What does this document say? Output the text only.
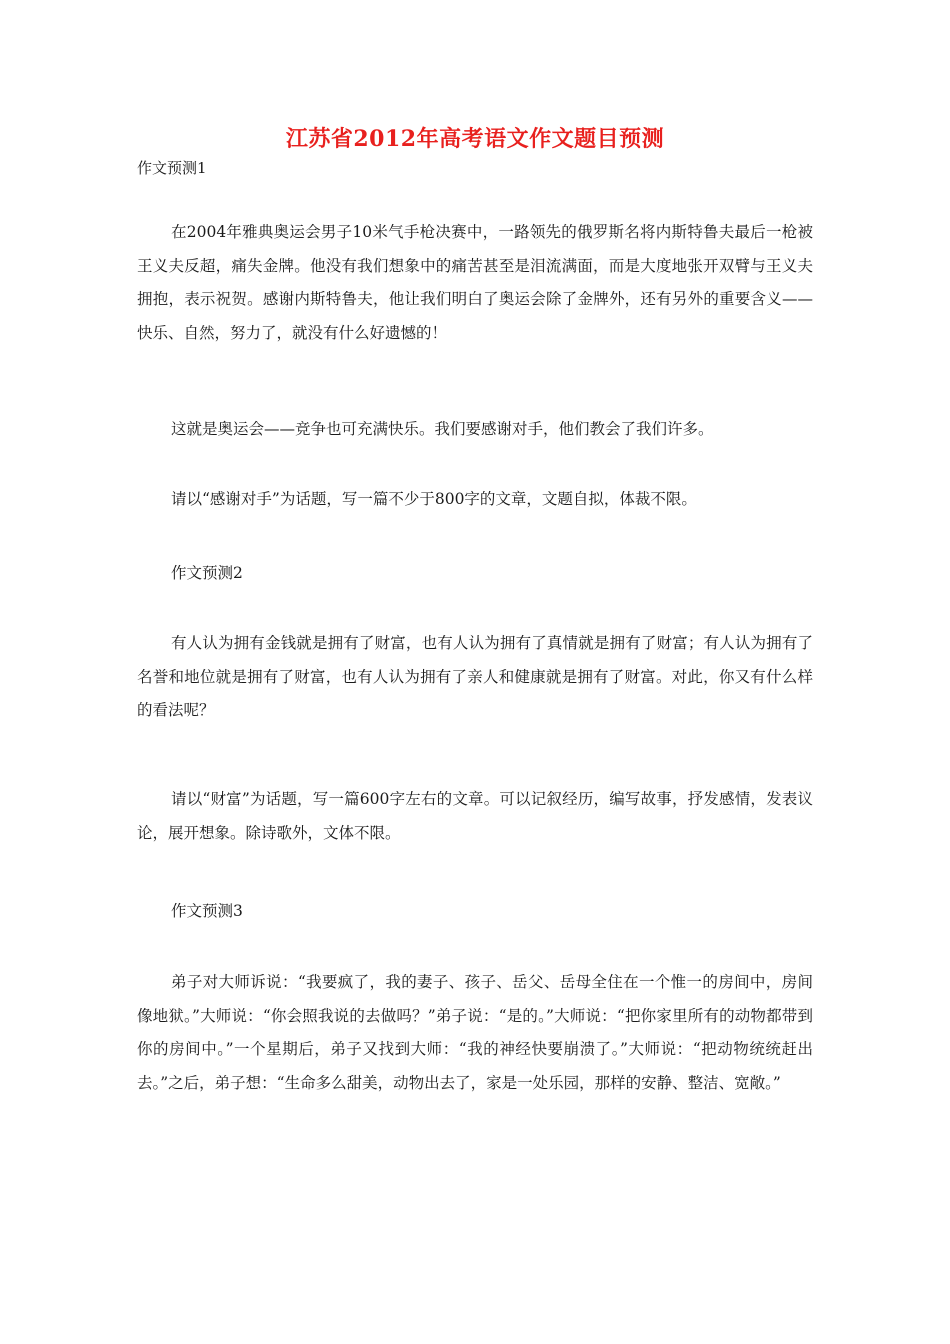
江苏省2012年高考语文作文题目预测
作文预测1
在2004年雅典奥运会男子10米气手枪决赛中，一路领先的俄罗斯名将内斯特鲁夫最后一枪被王义夫反超，痛失金牌。他没有我们想象中的痛苦甚至是泪流满面，而是大度地张开双臂与王义夫拥抱，表示祝贺。感谢内斯特鲁夫，他让我们明白了奥运会除了金牌外，还有另外的重要含义——快乐、自然，努力了，就没有什么好遗憾的！
这就是奥运会——竞争也可充满快乐。我们要感谢对手，他们教会了我们许多。
请以“感谢对手”为话题，写一篇不少于800字的文章，文题自拟，体裁不限。
作文预测2
有人认为拥有金钱就是拥有了财富，也有人认为拥有了真情就是拥有了财富；有人认为拥有了名誉和地位就是拥有了财富，也有人认为拥有了亲人和健康就是拥有了财富。对此，你又有什么样的看法呢？
请以“财富”为话题，写一篇600字左右的文章。可以记叙经历，编写故事，抒发感情，发表议论，展开想象。除诗歌外，文体不限。
作文预测3
弟子对大师诉说：“我要疯了，我的妻子、孩子、岳父、岳母全住在一个惟一的房间中，房间像地狱。”大师说：“你会照我说的去做吗？”弟子说：“是的。”大师说：“把你家里所有的动物都带到你的房间中。”一个星期后，弟子又找到大师：“我的神经快要崩溃了。”大师说：“把动物统统赶出去。”之后，弟子想：“生命多么甜美，动物出去了，家是一处乐园，那样的安静、整洁、宽敞。”
